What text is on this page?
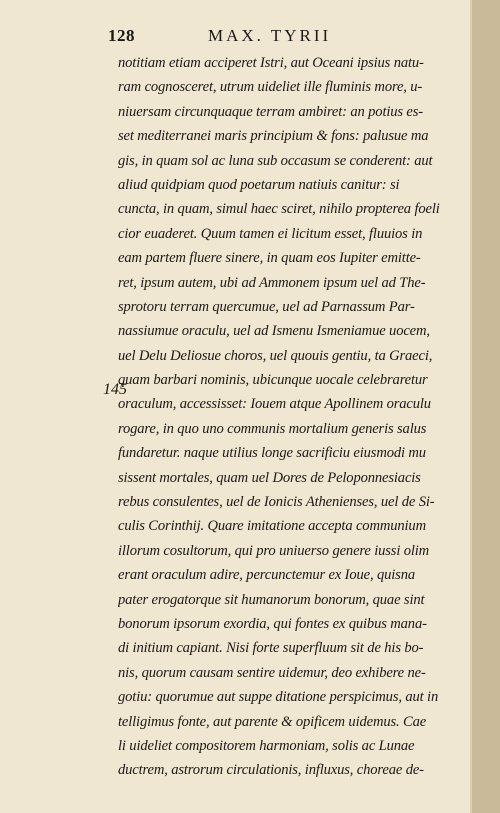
128	MAX. TYRII
145
notitiam etiam acciperet Istri, aut Oceani ipsius natu-
ram cognosceret, utrum uideliet ille fluminis more, u-
niuersam circunquaque terram ambiret: an potius es-
set mediterranei maris principium & fons: palusue ma
gis, in quam sol ac luna sub occasum se conderent: aut
aliud quidpiam quod poetarum natiuis canitur: si
cuncta, in quam, simul haec sciret, nihilo propterea foeli
cior euaderet. Quum tamen ei licitum esset, fluuios in
eam partem fluere sinere, in quam eos Iupiter emitte-
ret, ipsum autem, ubi ad Ammonem ipsum uel ad The-
sprotoru terram quercumue, uel ad Parnassum Par-
nassiumue oraculu, uel ad Ismenu Ismeniamue uocem,
uel Delu Deliosue choros, uel quouis gentiu, ta Graeci,
quam barbari nominis, ubicunque uocale celebraretur
oraculum, accessisset: Iouem atque Apollinem oraculu
rogare, in quo uno communis mortalium generis salus
fundaretur. naque utilius longe sacrificiu eiusmodi mu
sissent mortales, quam uel Dores de Peloponnesiacis
rebus consulentes, uel de Ionicis Athenienses, uel de Si-
culis Corinthij. Quare imitatione accepta communium
illorum cosultorum, qui pro uniuerso genere iussi olim
erant oraculum adire, percunctemur ex Ioue, quisna
pater erogatorque sit humanorum bonorum, quae sint
bonorum ipsorum exordia, qui fontes ex quibus mana-
di initium capiant. Nisi forte superfluum sit de his bo-
nis, quorum causam sentire uidemur, deo exhibere ne-
gotiu: quorumue aut suppe ditatione perspicimus, aut in
telligimus fonte, aut parente & opificem uidemus. Cae
li uideliet compositorem harmoniam, solis ac Lunae
ductrem, astrorum circulationis, influxus, choreae de-
